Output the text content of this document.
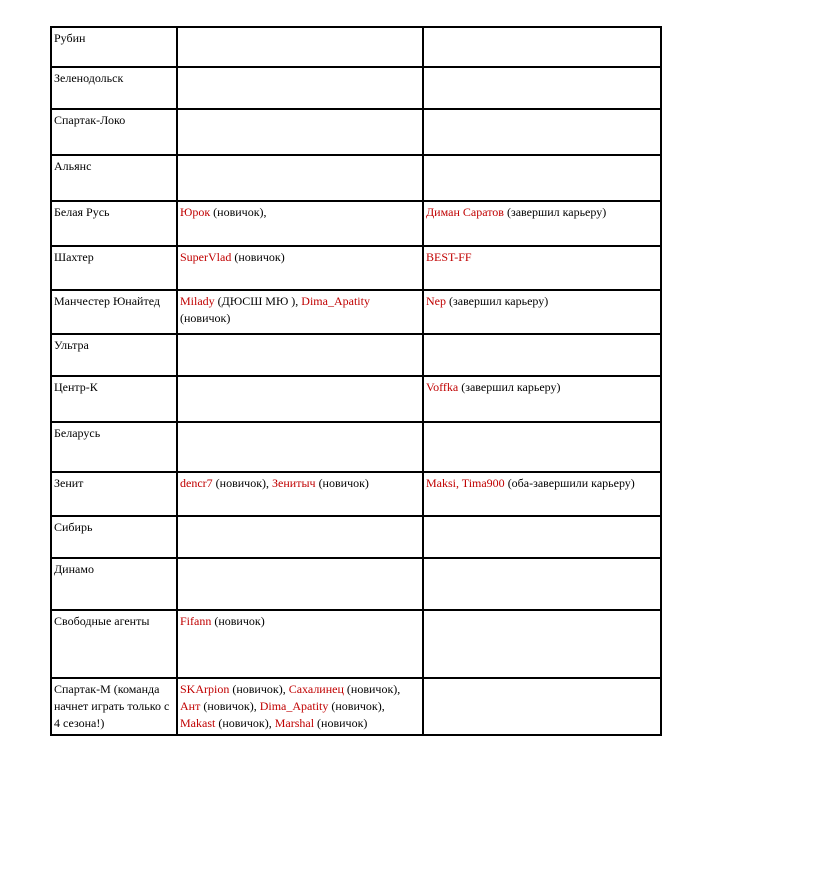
Рубин		
Зеленодольск		
Спартак-Локо		
Альянс		
Белая Русь	Юрок (новичок),	Диман Саратов (завершил карьеру)
Шахтер	SuperVlad (новичок)	BEST-FF
Манчестер Юнайтед	Milady (ДЮСШ МЮ ), Dima_Apatity (новичок)	Nep (завершил карьеру)
Ультра		
Центр-К		Voffka (завершил карьеру)
Беларусь		
Зенит	dencr7 (новичок), Зенитыч (новичок)	Maksi, Tima900 (оба-завершили карьеру)
Сибирь		
Динамо		
Свободные агенты	Fifann (новичок)	
Спартак-М (команда начнет играть только с 4 сезона!)	SKArpion (новичок), Сахалинец (новичок), Ант (новичок), Dima_Apatity (новичок), Makast (новичок), Marshal (новичок)	
